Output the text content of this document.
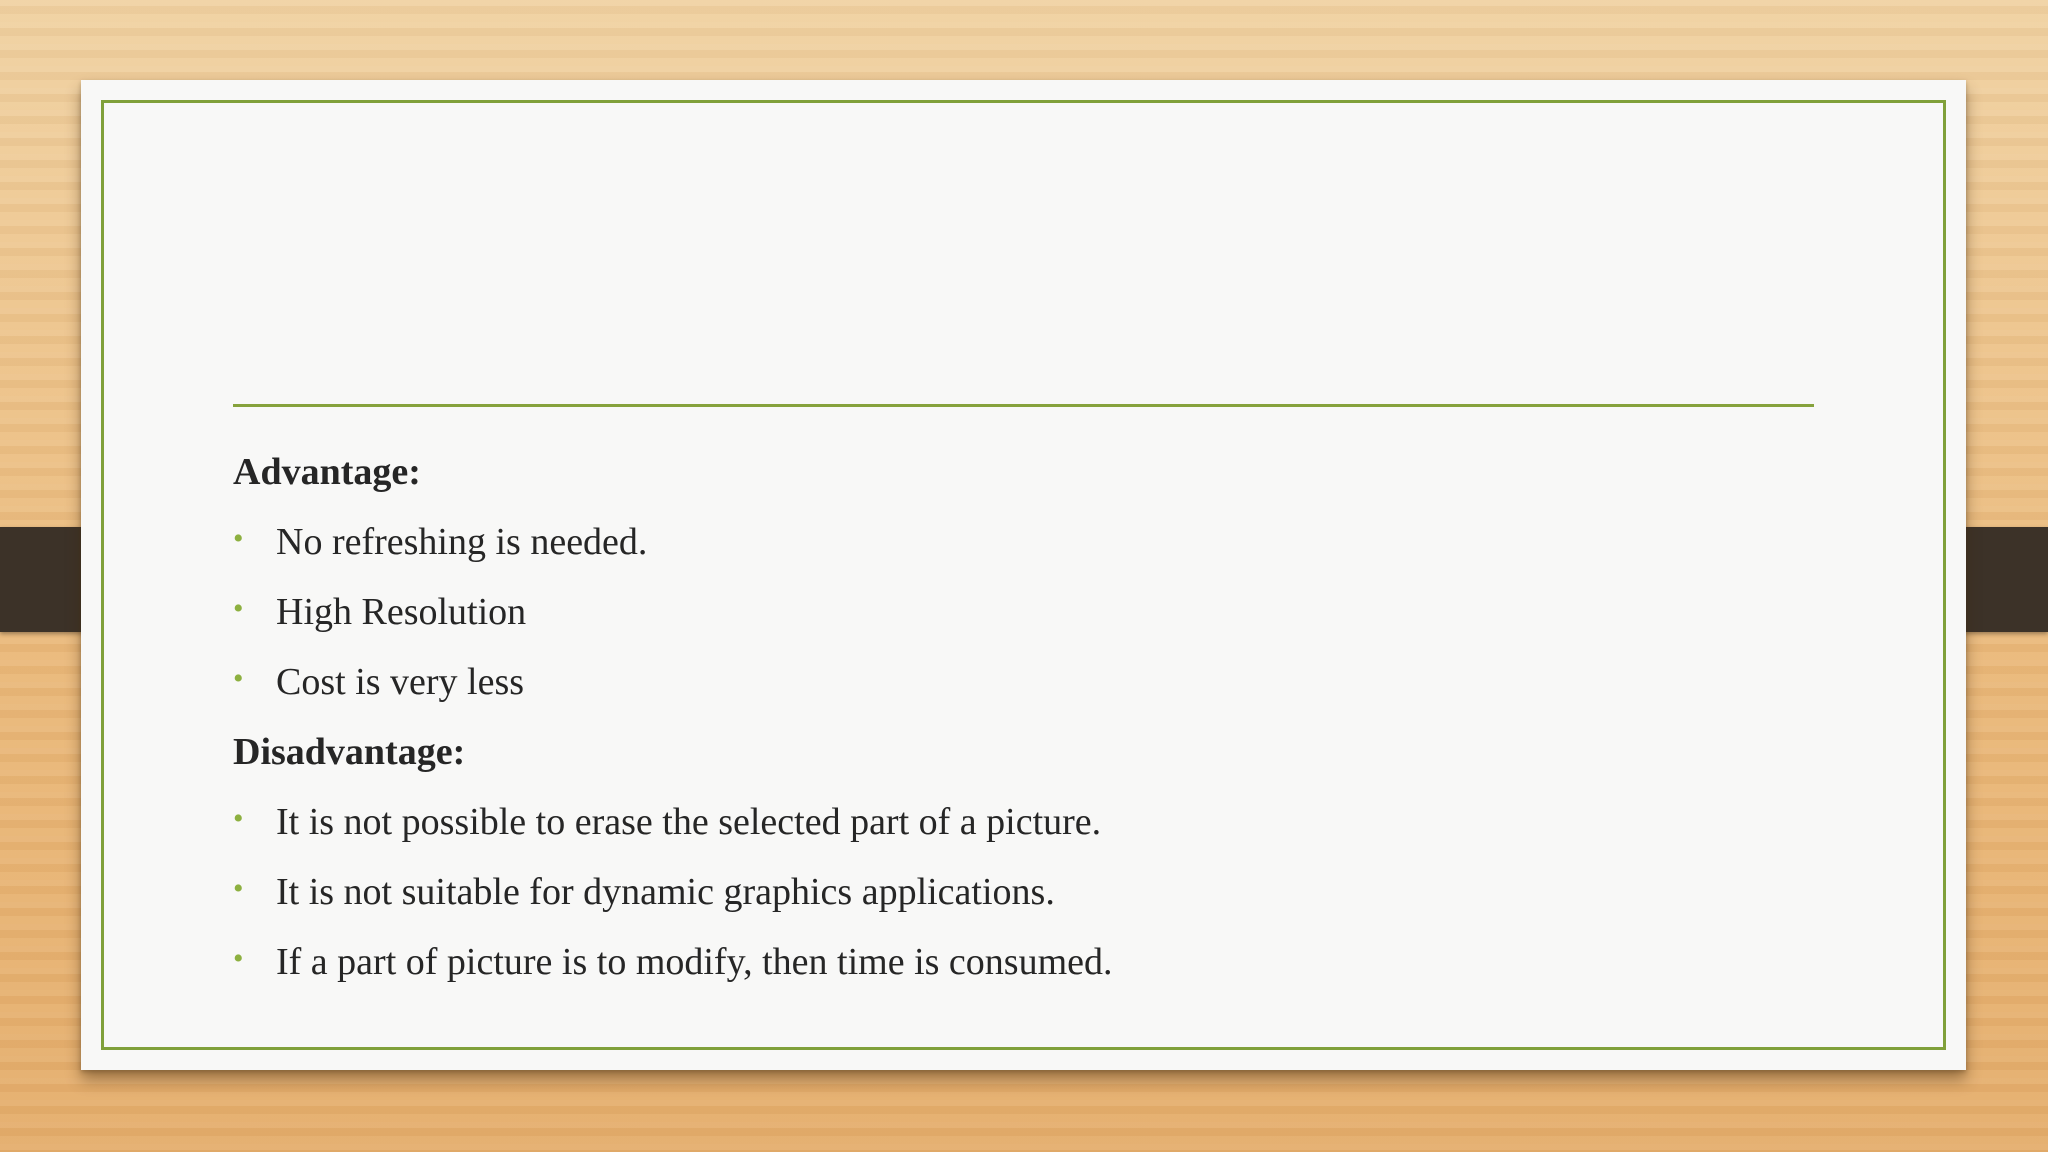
Advantage:
• No refreshing is needed.
• High Resolution
• Cost is very less
Disadvantage:
• It is not possible to erase the selected part of a picture.
• It is not suitable for dynamic graphics applications.
• If a part of picture is to modify, then time is consumed.
